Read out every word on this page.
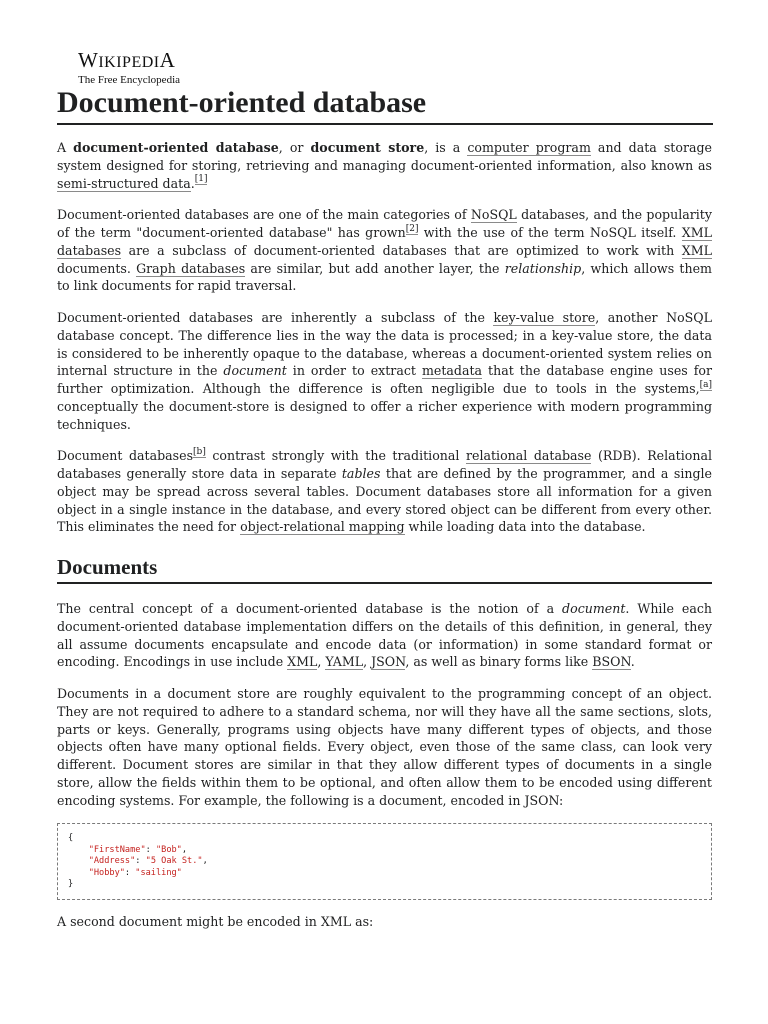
WIKIPEDIA
The Free Encyclopedia
Document-oriented database

A document-oriented database, or document store, is a computer program and data storage system designed for storing, retrieving and managing document-oriented information, also known as semi-structured data.[1]

Document-oriented databases are one of the main categories of NoSQL databases, and the popularity of the term "document-oriented database" has grown[2] with the use of the term NoSQL itself. XML databases are a subclass of document-oriented databases that are optimized to work with XML documents. Graph databases are similar, but add another layer, the relationship, which allows them to link documents for rapid traversal.

Document-oriented databases are inherently a subclass of the key-value store, another NoSQL database concept. The difference lies in the way the data is processed; in a key-value store, the data is considered to be inherently opaque to the database, whereas a document-oriented system relies on internal structure in the document in order to extract metadata that the database engine uses for further optimization. Although the difference is often negligible due to tools in the systems,[a] conceptually the document-store is designed to offer a richer experience with modern programming techniques.

Document databases[b] contrast strongly with the traditional relational database (RDB). Relational databases generally store data in separate tables that are defined by the programmer, and a single object may be spread across several tables. Document databases store all information for a given object in a single instance in the database, and every stored object can be different from every other. This eliminates the need for object-relational mapping while loading data into the database.

Documents

The central concept of a document-oriented database is the notion of a document. While each document-oriented database implementation differs on the details of this definition, in general, they all assume documents encapsulate and encode data (or information) in some standard format or encoding. Encodings in use include XML, YAML, JSON, as well as binary forms like BSON.

Documents in a document store are roughly equivalent to the programming concept of an object. They are not required to adhere to a standard schema, nor will they have all the same sections, slots, parts or keys. Generally, programs using objects have many different types of objects, and those objects often have many optional fields. Every object, even those of the same class, can look very different. Document stores are similar in that they allow different types of documents in a single store, allow the fields within them to be optional, and often allow them to be encoded using different encoding systems. For example, the following is a document, encoded in JSON:

{
"FirstName": "Bob",
"Address": "5 Oak St.",
"Hobby": "sailing"
}

A second document might be encoded in XML as:
